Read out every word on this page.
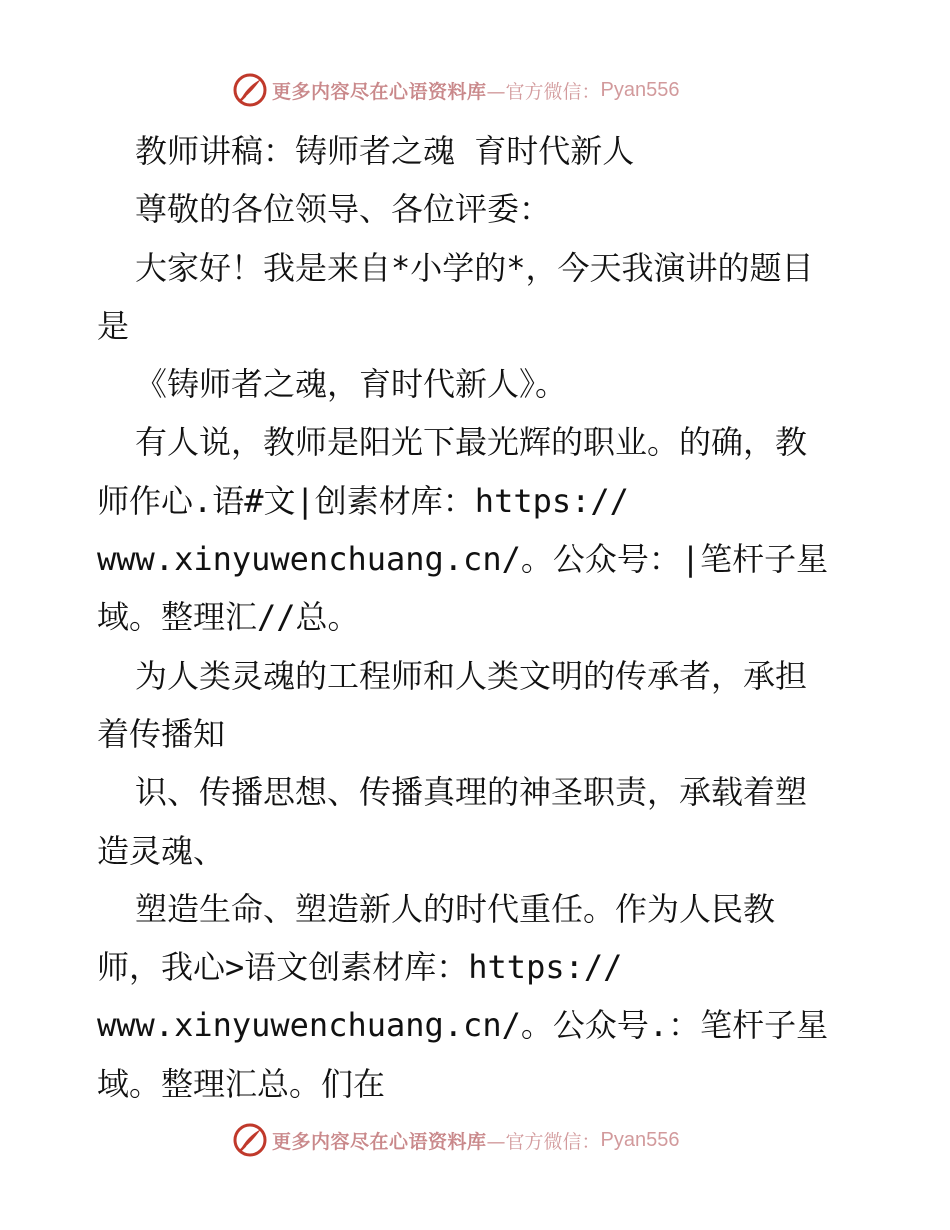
更多内容尽在心语资料库 —官方微信： Pyan556
教师讲稿：铸师者之魂 育时代新人
尊敬的各位领导、各位评委：
大家好！我是来自*小学的*，今天我演讲的题目
是
《铸师者之魂，育时代新人》。
有人说，教师是阳光下最光辉的职业。的确，教
师作心.语#文|创素材库：https://
www.xinyuwenchuang.cn/。公众号：|笔杆子星
域。整理汇//总。
为人类灵魂的工程师和人类文明的传承者，承担
着传播知
识、传播思想、传播真理的神圣职责，承载着塑
造灵魂、
塑造生命、塑造新人的时代重任。作为人民教
师，我心>语文创素材库：https://
www.xinyuwenchuang.cn/。公众号.：笔杆子星
域。整理汇总。们在
更多内容尽在心语资料库 —官方微信： Pyan556
